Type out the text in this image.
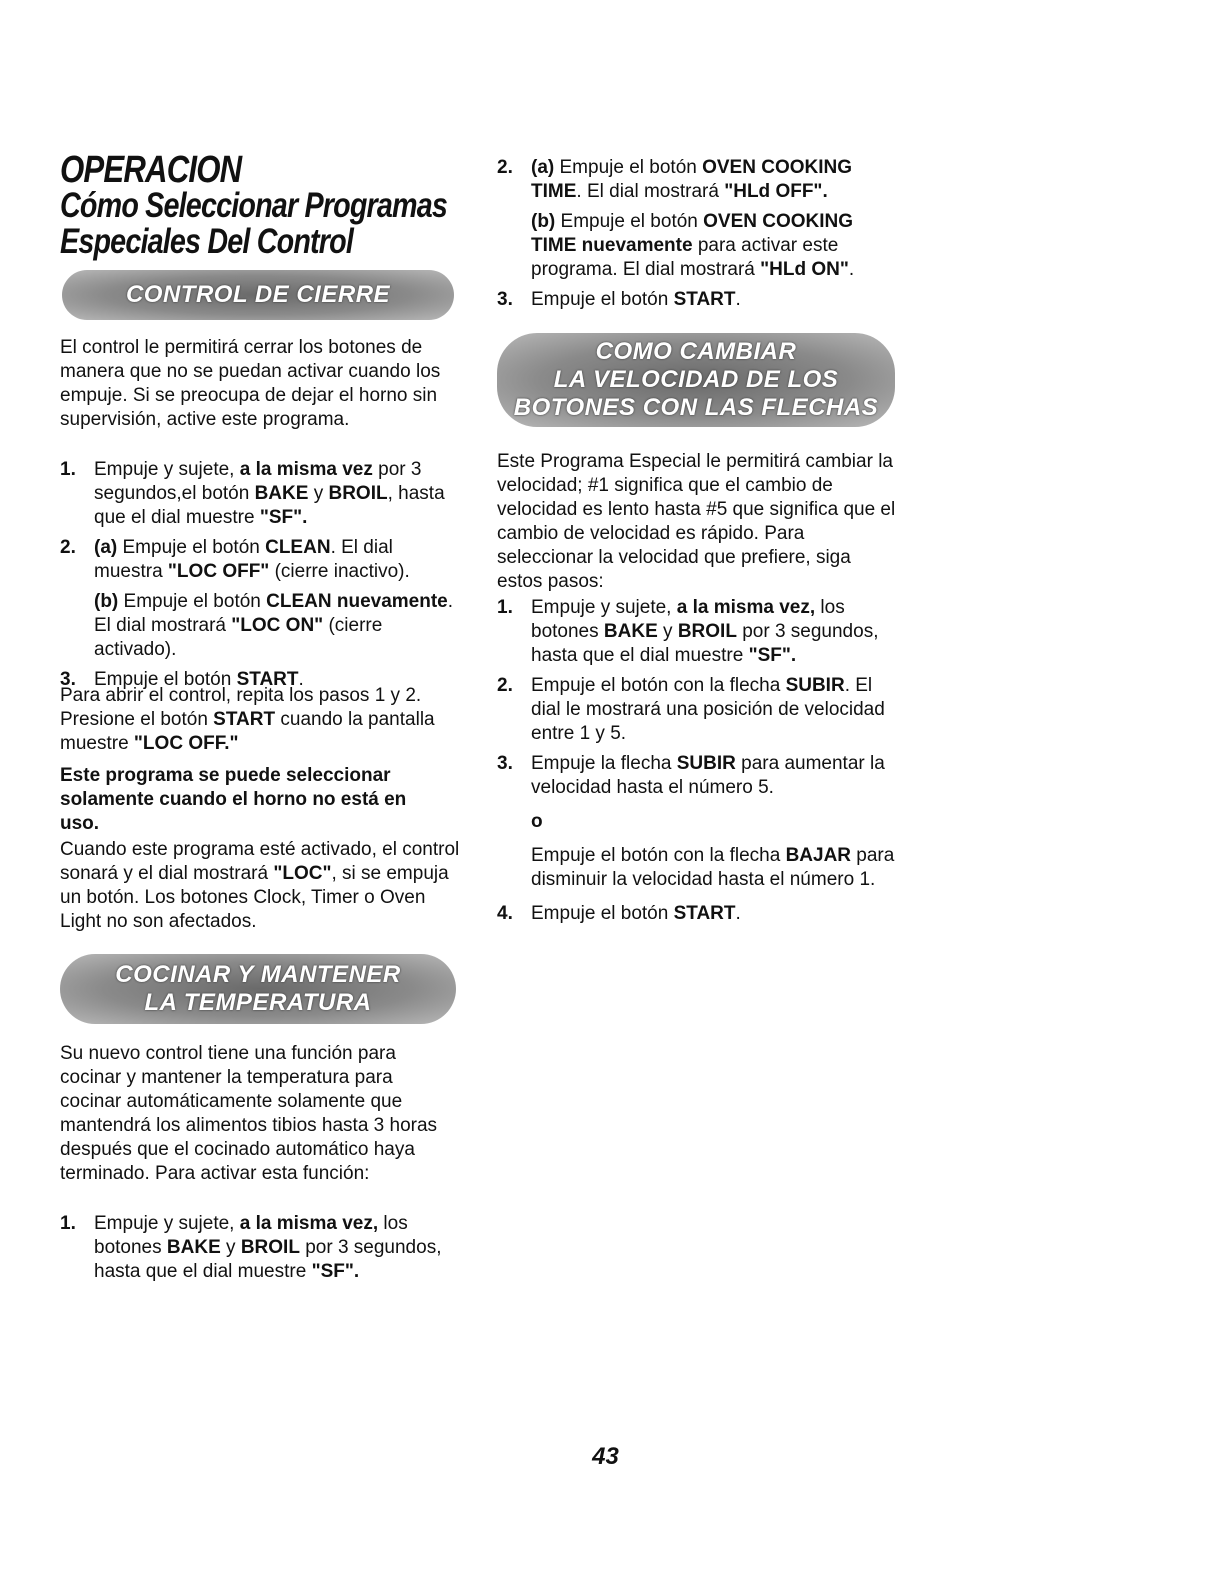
OPERACION
Cómo Seleccionar Programas
Especiales Del Control
CONTROL DE CIERRE

El control le permitirá cerrar los botones de manera que no se puedan activar cuando los empuje. Si se preocupa de dejar el horno sin supervisión, active este programa.

1. Empuje y sujete, a la misma vez por 3 segundos,el botón BAKE y BROIL, hasta que el dial muestre "SF".
2. (a) Empuje el botón CLEAN. El dial muestra "LOC OFF" (cierre inactivo).
(b) Empuje el botón CLEAN nuevamente. El dial mostrará "LOC ON" (cierre activado).
3. Empuje el botón START.

Para abrir el control, repita los pasos 1 y 2. Presione el botón START cuando la pantalla muestre "LOC OFF."

Este programa se puede seleccionar solamente cuando el horno no está en uso.

Cuando este programa esté activado, el control sonará y el dial mostrará "LOC", si se empuja un botón. Los botones Clock, Timer o Oven Light no son afectados.

COCINAR Y MANTENER
LA TEMPERATURA

Su nuevo control tiene una función para cocinar y mantener la temperatura para cocinar automáticamente solamente que mantendrá los alimentos tibios hasta 3 horas después que el cocinado automático haya terminado. Para activar esta función:

1. Empuje y sujete, a la misma vez, los botones BAKE y BROIL por 3 segundos, hasta que el dial muestre "SF".
2. (a) Empuje el botón OVEN COOKING TIME. El dial mostrará "HLd OFF".
(b) Empuje el botón OVEN COOKING TIME nuevamente para activar este programa. El dial mostrará "HLd ON".
3. Empuje el botón START.
COMO CAMBIAR
LA VELOCIDAD DE LOS
BOTONES CON LAS FLECHAS

Este Programa Especial le permitirá cambiar la velocidad; #1 significa que el cambio de velocidad es lento hasta #5 que significa que el cambio de velocidad es rápido. Para seleccionar la velocidad que prefiere, siga estos pasos:

1. Empuje y sujete, a la misma vez, los botones BAKE y BROIL por 3 segundos, hasta que el dial muestre "SF".
2. Empuje el botón con la flecha SUBIR. El dial le mostrará una posición de velocidad entre 1 y 5.
3. Empuje la flecha SUBIR para aumentar la velocidad hasta el número 5.
o
Empuje el botón con la flecha BAJAR para disminuir la velocidad hasta el número 1.
4. Empuje el botón START.
43
